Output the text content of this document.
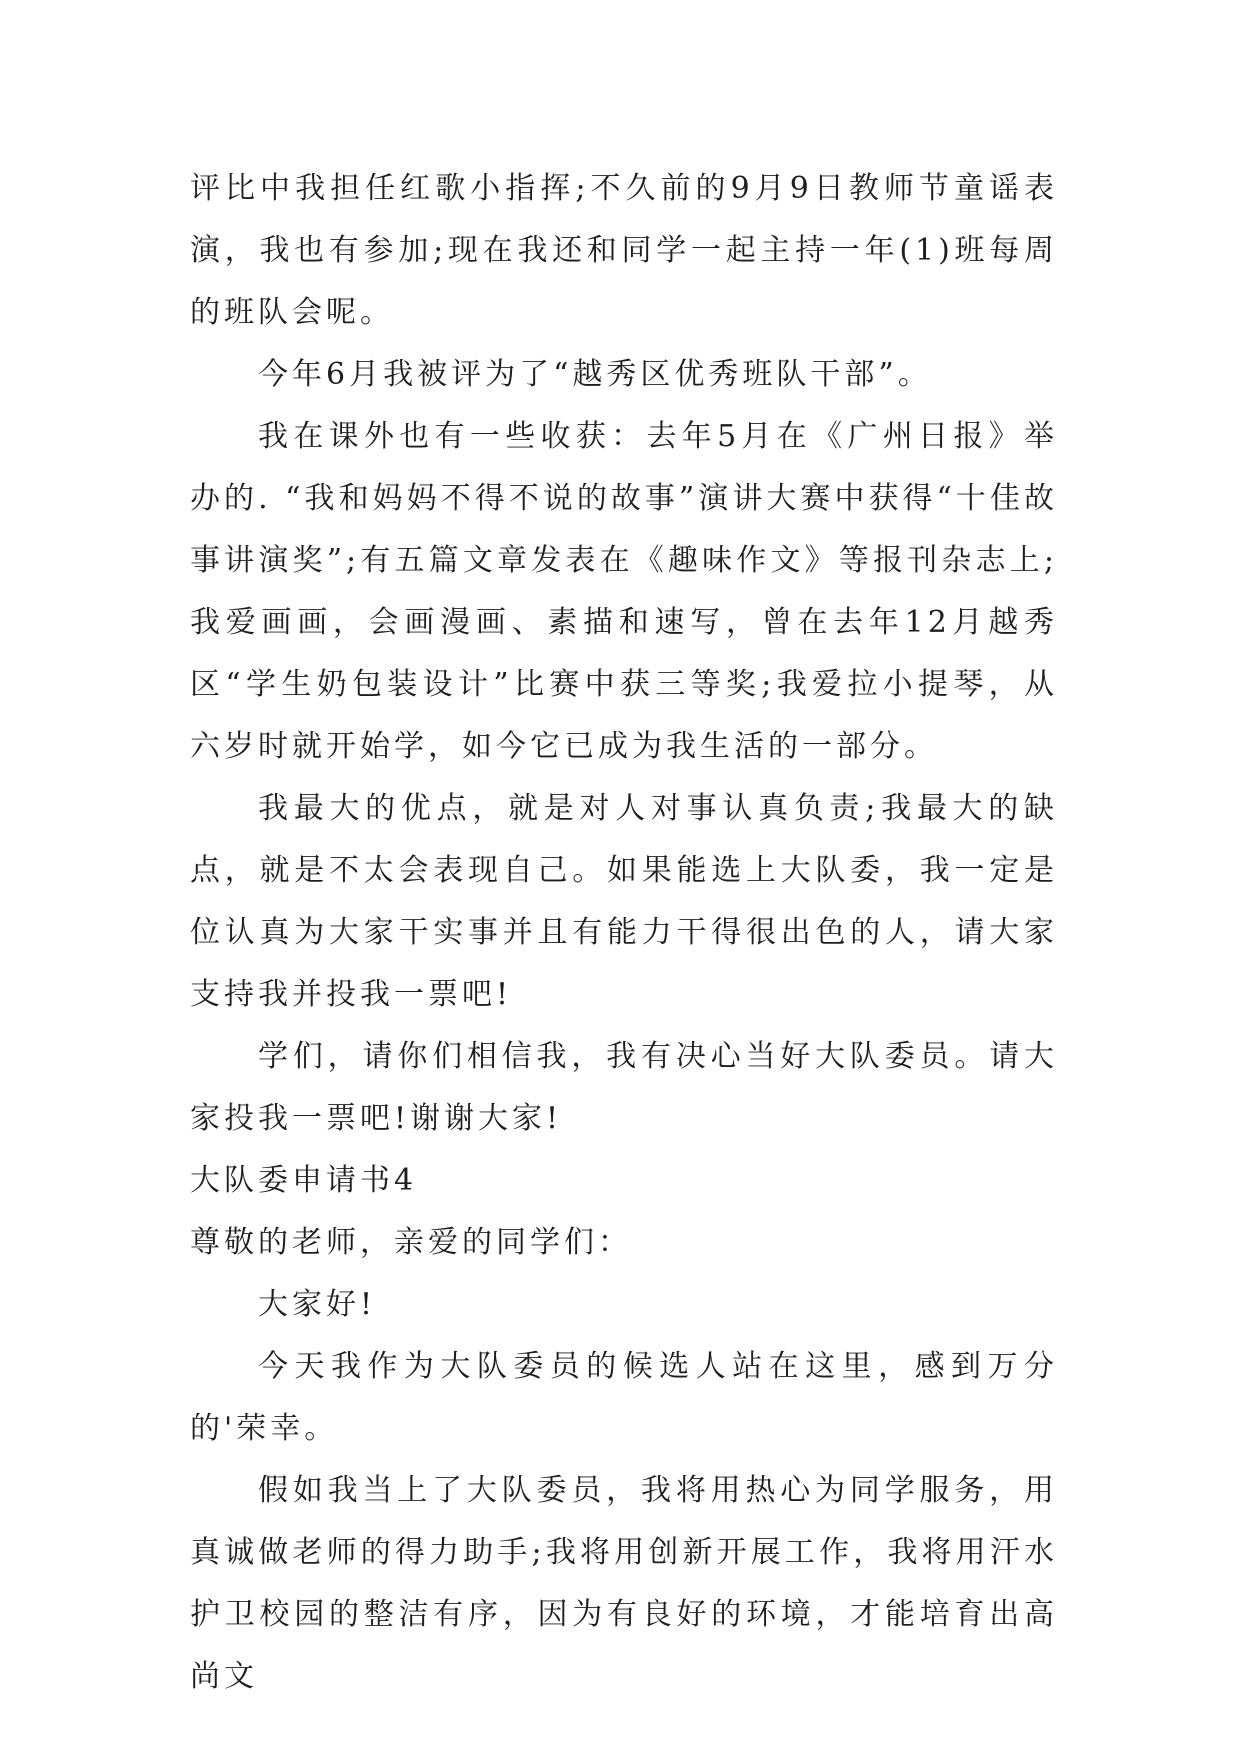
评比中我担任红歌小指挥;不久前的9月9日教师节童谣表演，我也有参加;现在我还和同学一起主持一年(1)班每周的班队会呢。

今年6月我被评为了“越秀区优秀班队干部”。

我在课外也有一些收获：去年5月在《广州日报》举办的. “我和妈妈不得不说的故事”演讲大赛中获得“十佳故事讲演奖”;有五篇文章发表在《趣味作文》等报刊杂志上;我爱画画，会画漫画、素描和速写，曾在去年12月越秀区“学生奶包装设计”比赛中获三等奖;我爱拉小提琴，从六岁时就开始学，如今它已成为我生活的一部分。

我最大的优点，就是对人对事认真负责;我最大的缺点，就是不太会表现自己。如果能选上大队委，我一定是位认真为大家干实事并且有能力干得很出色的人，请大家支持我并投我一票吧!

学们，请你们相信我，我有决心当好大队委员。请大家投我一票吧!谢谢大家!

大队委申请书4

尊敬的老师，亲爱的同学们：

大家好!

今天我作为大队委员的候选人站在这里，感到万分的'荣幸。

假如我当上了大队委员，我将用热心为同学服务，用真诚做老师的得力助手;我将用创新开展工作，我将用汗水护卫校园的整洁有序，因为有良好的环境，才能培育出高尚文
